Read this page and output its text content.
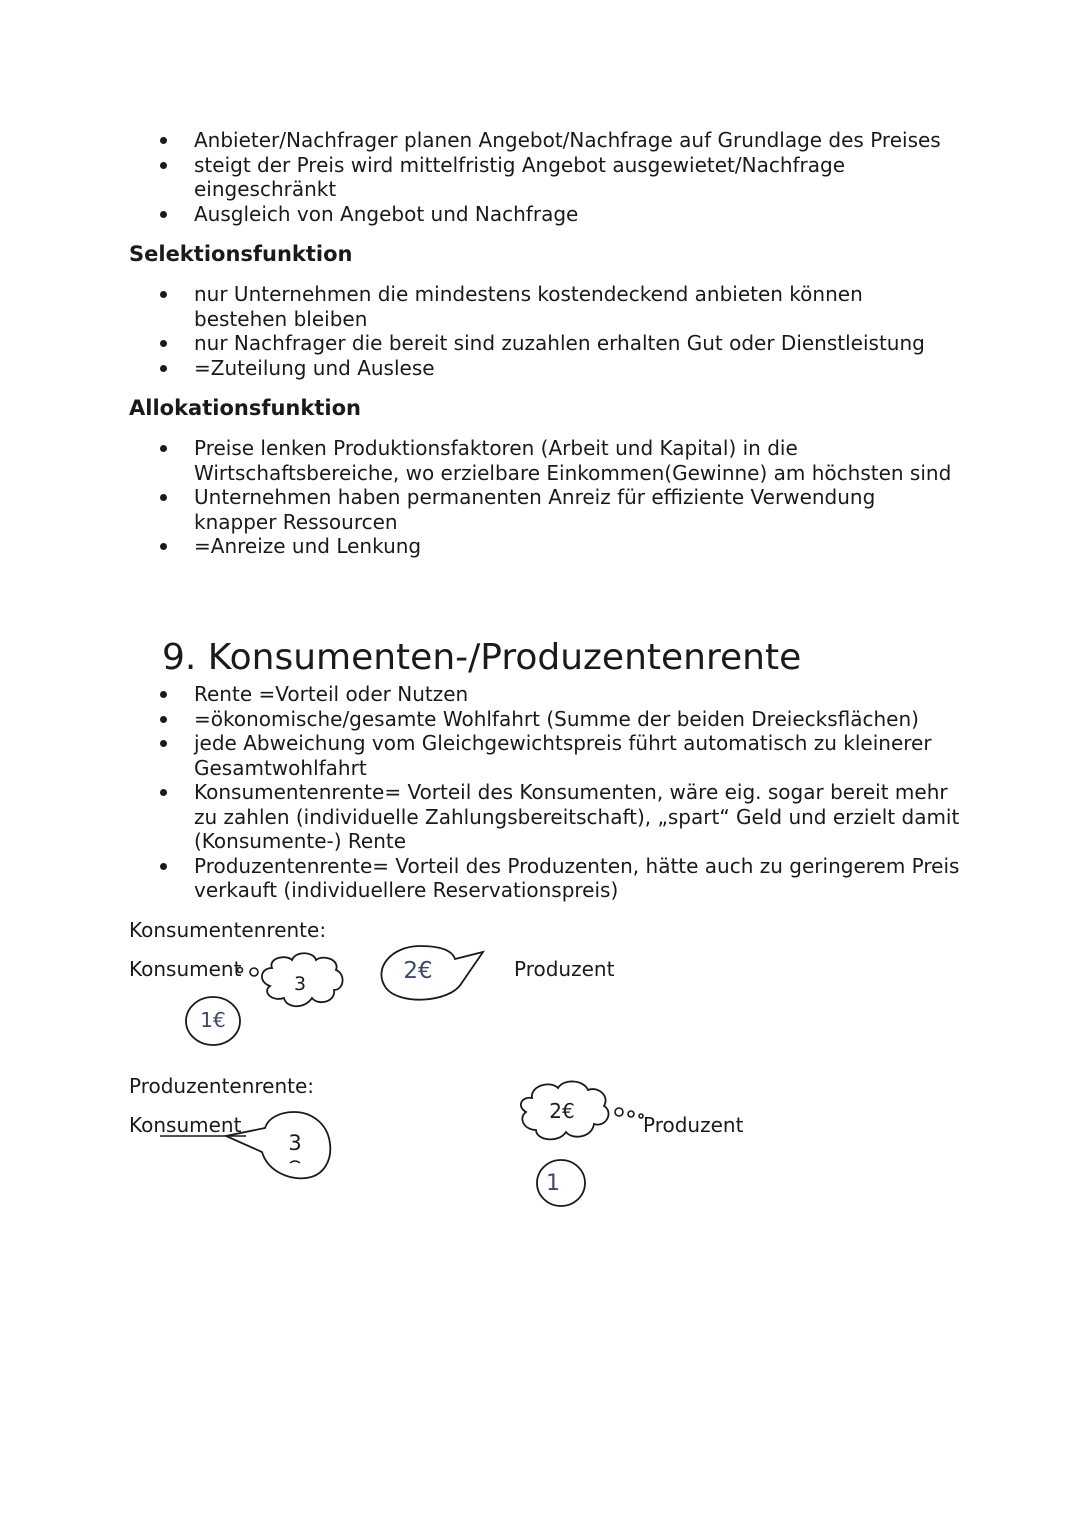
Anbieter/Nachfrager planen Angebot/Nachfrage auf Grundlage des Preises
steigt der Preis wird mittelfristig Angebot ausgewietet/Nachfrage eingeschränkt
Ausgleich von Angebot und Nachfrage
Selektionsfunktion
nur Unternehmen die mindestens kostendeckend anbieten können bestehen bleiben
nur Nachfrager die bereit sind zuzahlen erhalten Gut oder Dienstleistung
=Zuteilung und Auslese
Allokationsfunktion
Preise lenken Produktionsfaktoren (Arbeit und Kapital) in die Wirtschaftsbereiche, wo erzielbare Einkommen(Gewinne) am höchsten sind
Unternehmen haben permanenten Anreiz für effiziente Verwendung knapper Ressourcen
=Anreize und Lenkung
9. Konsumenten-/Produzentenrente
Rente =Vorteil oder Nutzen
=ökonomische/gesamte Wohlfahrt (Summe der beiden Dreiecksflächen)
jede Abweichung vom Gleichgewichtspreis führt automatisch zu kleinerer Gesamtwohlfahrt
Konsumentenrente= Vorteil des Konsumenten, wäre eig. sogar bereit mehr zu zahlen (individuelle Zahlungsbereitschaft), „spart“ Geld und erzielt damit (Konsumente-) Rente
Produzentenrente= Vorteil des Produzenten, hätte auch zu geringerem Preis verkauft (individuellere Reservationspreis)
Konsumentenrente:
Konsument	Produzent
3
1€
2€
3
2€
1
Produzentenrente:
Konsument	Produzent
